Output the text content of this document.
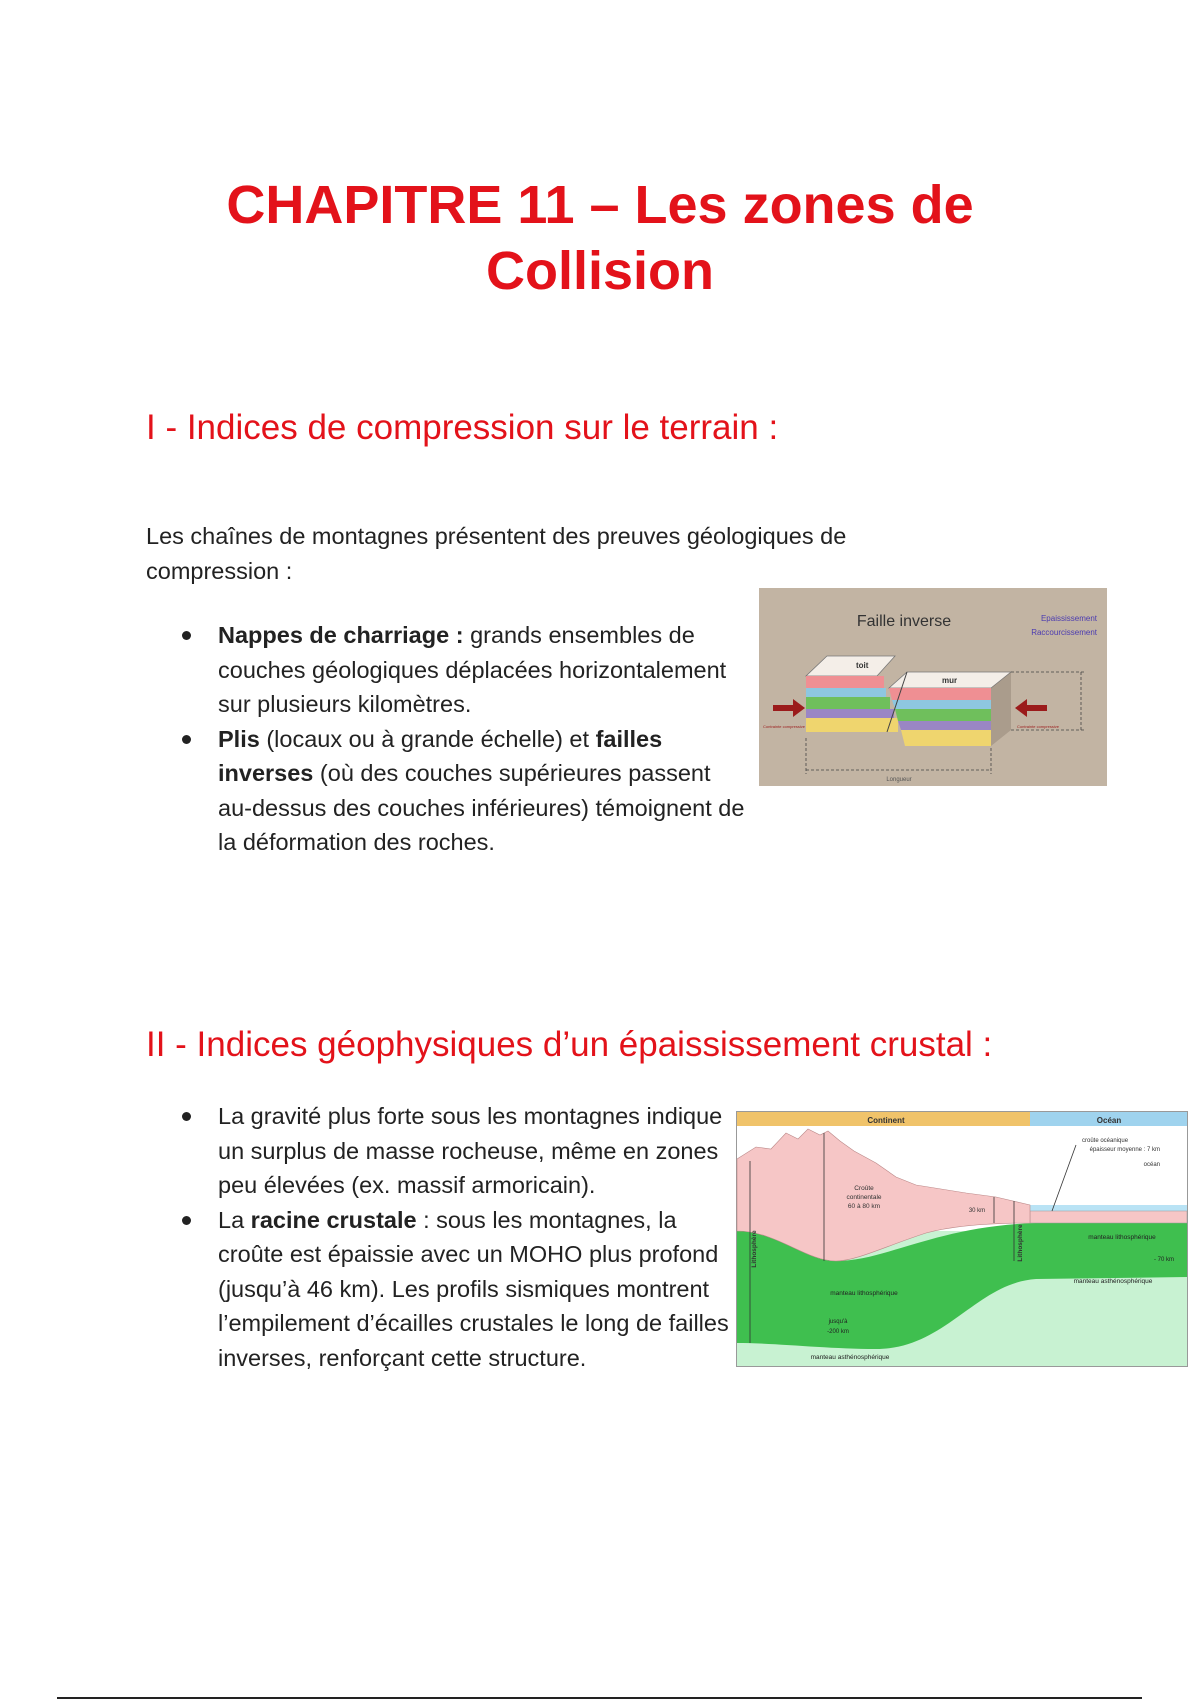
CHAPITRE 11 – Les zones de
Collision
I - Indices de compression sur le terrain :

Les chaînes de montagnes présentent des preuves géologiques de compression :

Nappes de charriage : grands ensembles de couches géologiques déplacées horizontalement sur plusieurs kilomètres.
Plis (locaux ou à grande échelle) et failles inverses (où des couches supérieures passent au-dessus des couches inférieures) témoignent de la déformation des roches.
Faille inverse	Epaississement
Raccourcissement
toit
mur
Contrainte compressive	Contrainte compressive
Longueur
II - Indices géophysiques d’un épaississement crustal :
La gravité plus forte sous les montagnes indique un surplus de masse rocheuse, même en zones peu élevées (ex. massif armoricain).
La racine crustale : sous les montagnes, la croûte est épaissie avec un MOHO plus profond (jusqu’à 46 km). Les profils sismiques montrent l’empilement d’écailles crustales le long de failles inverses, renforçant cette structure.
Continent	Océan
Croûte
continentale
60 à 80 km
30 km
croûte océanique
épaisseur moyenne : 7 km
océan
Lithosphère	Lithosphère	manteau lithosphérique
- 70 km
manteau asthénosphérique
manteau lithosphérique
jusqu'à
-200 km
manteau asthénosphérique
